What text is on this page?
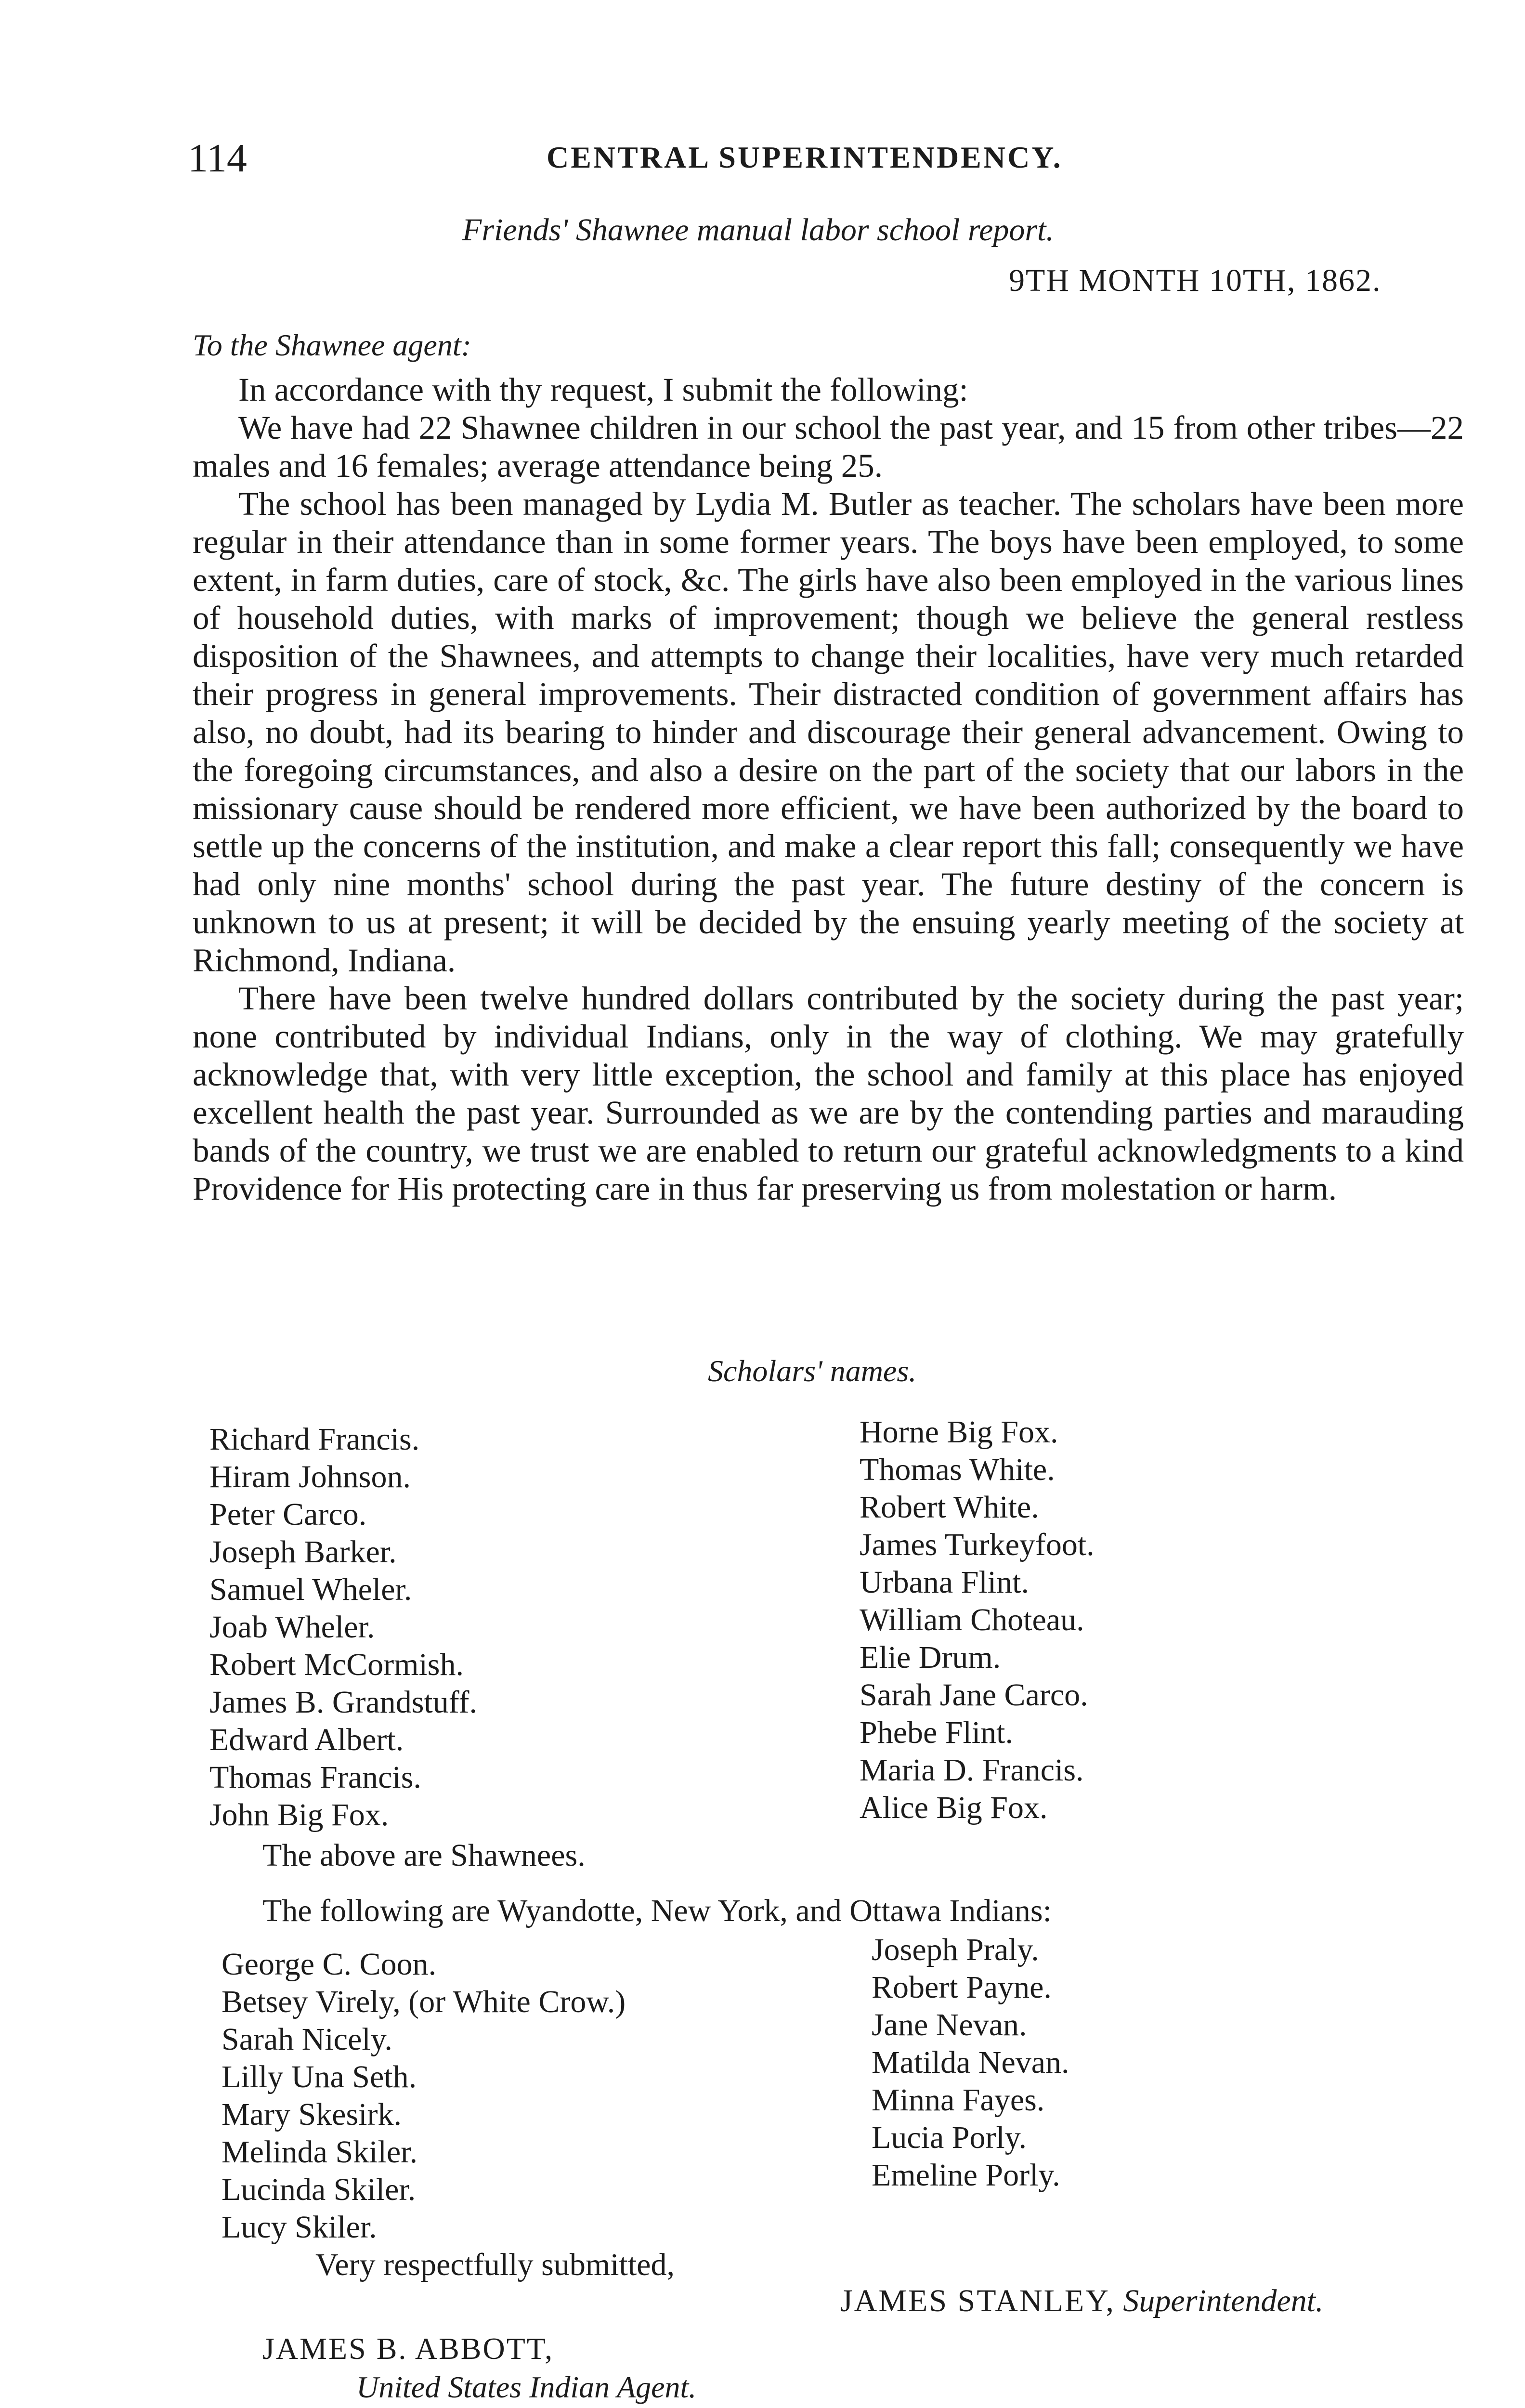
114	CENTRAL SUPERINTENDENCY.
Friends' Shawnee manual labor school report.
9TH MONTH 10TH, 1862.
To the Shawnee agent:

In accordance with thy request, I submit the following:

We have had 22 Shawnee children in our school the past year, and 15 from other tribes—22 males and 16 females; average attendance being 25.

The school has been managed by Lydia M. Butler as teacher. The scholars have been more regular in their attendance than in some former years. The boys have been employed, to some extent, in farm duties, care of stock, &c. The girls have also been employed in the various lines of household duties, with marks of improvement; though we believe the general restless disposition of the Shawnees, and attempts to change their localities, have very much retarded their progress in general improvements. Their distracted condition of government affairs has also, no doubt, had its bearing to hinder and discourage their general advancement. Owing to the foregoing circumstances, and also a desire on the part of the society that our labors in the missionary cause should be rendered more efficient, we have been authorized by the board to settle up the concerns of the institution, and make a clear report this fall; consequently we have had only nine months' school during the past year. The future destiny of the concern is unknown to us at present; it will be decided by the ensuing yearly meeting of the society at Richmond, Indiana.

There have been twelve hundred dollars contributed by the society during the past year; none contributed by individual Indians, only in the way of clothing. We may gratefully acknowledge that, with very little exception, the school and family at this place has enjoyed excellent health the past year. Surrounded as we are by the contending parties and marauding bands of the country, we trust we are enabled to return our grateful acknowledgments to a kind Providence for His protecting care in thus far preserving us from molestation or harm.

Scholars' names.
Richard Francis.
Hiram Johnson.
Peter Carco.
Joseph Barker.
Samuel Wheler.
Joab Wheler.
Robert McCormish.
James B. Grandstuff.
Edward Albert.
Thomas Francis.
John Big Fox.
Horne Big Fox.
Thomas White.
Robert White.
James Turkeyfoot.
Urbana Flint.
William Choteau.
Elie Drum.
Sarah Jane Carco.
Phebe Flint.
Maria D. Francis.
Alice Big Fox.
The above are Shawnees.
The following are Wyandotte, New York, and Ottawa Indians:
George C. Coon.
Betsey Virely, (or White Crow.)
Sarah Nicely.
Lilly Una Seth.
Mary Skesirk.
Melinda Skiler.
Lucinda Skiler.
Lucy Skiler.
Joseph Praly.
Robert Payne.
Jane Nevan.
Matilda Nevan.
Minna Fayes.
Lucia Porly.
Emeline Porly.
Very respectfully submitted,
JAMES STANLEY, Superintendent.
JAMES B. ABBOTT,
United States Indian Agent.
